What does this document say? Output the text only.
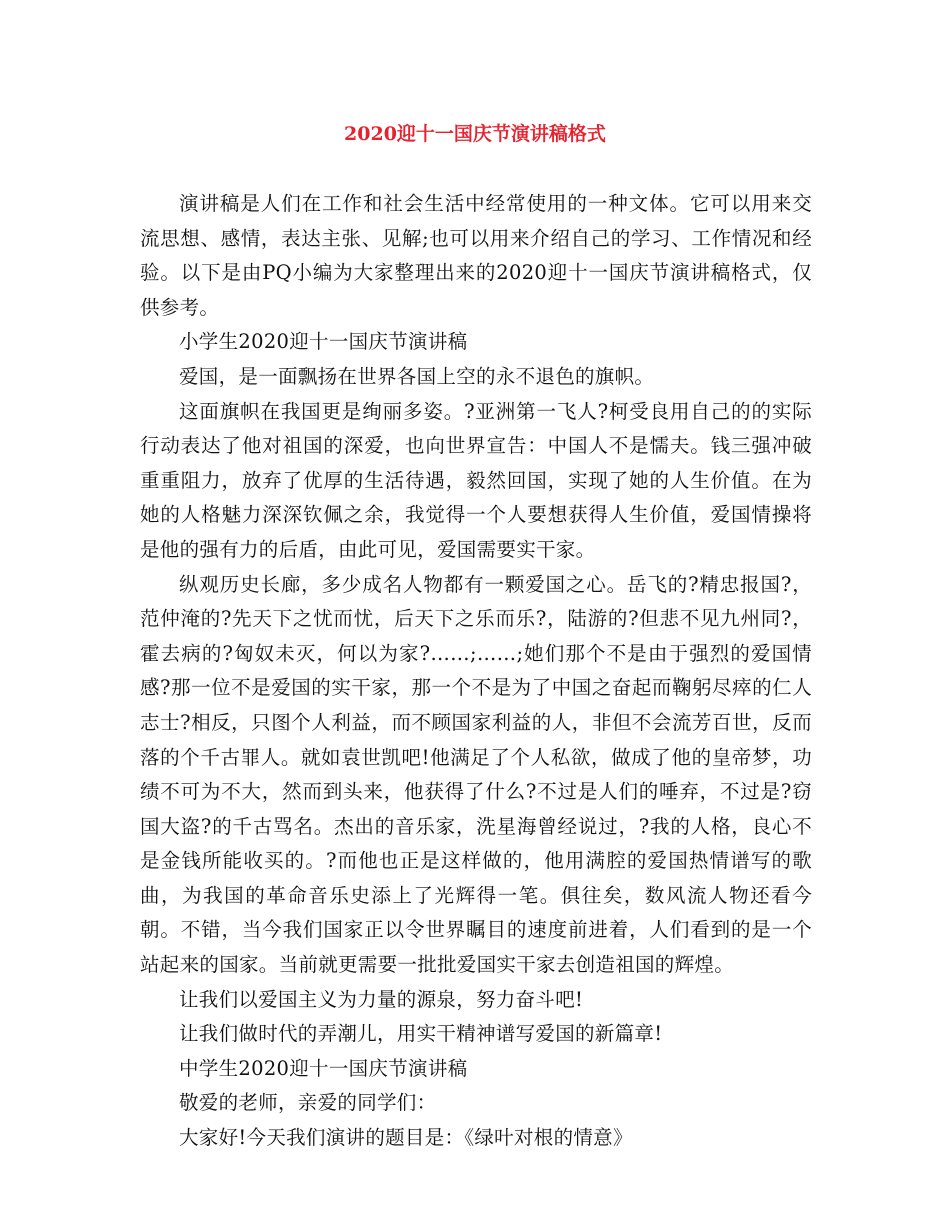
2020迎十一国庆节演讲稿格式

演讲稿是人们在工作和社会生活中经常使用的一种文体。它可以用来交流思想、感情，表达主张、见解;也可以用来介绍自己的学习、工作情况和经验。以下是由PQ小编为大家整理出来的2020迎十一国庆节演讲稿格式，仅供参考。

小学生2020迎十一国庆节演讲稿

爱国，是一面飘扬在世界各国上空的永不退色的旗帜。

这面旗帜在我国更是绚丽多姿。?亚洲第一飞人?柯受良用自己的的实际行动表达了他对祖国的深爱，也向世界宣告：中国人不是懦夫。钱三强冲破重重阻力，放弃了优厚的生活待遇，毅然回国，实现了她的人生价值。在为她的人格魅力深深钦佩之余，我觉得一个人要想获得人生价值，爱国情操将是他的强有力的后盾，由此可见，爱国需要实干家。

纵观历史长廊，多少成名人物都有一颗爱国之心。岳飞的?精忠报国?，范仲淹的?先天下之忧而忧，后天下之乐而乐?，陆游的?但悲不见九州同?，霍去病的?匈奴未灭，何以为家?……;……;她们那个不是由于强烈的爱国情感?那一位不是爱国的实干家，那一个不是为了中国之奋起而鞠躬尽瘁的仁人志士?相反，只图个人利益，而不顾国家利益的人，非但不会流芳百世，反而落的个千古罪人。就如袁世凯吧!他满足了个人私欲，做成了他的皇帝梦，功绩不可为不大，然而到头来，他获得了什么?不过是人们的唾弃，不过是?窃国大盗?的千古骂名。杰出的音乐家，洗星海曾经说过，?我的人格，良心不是金钱所能收买的。?而他也正是这样做的，他用满腔的爱国热情谱写的歌曲，为我国的革命音乐史添上了光辉得一笔。俱往矣，数风流人物还看今朝。不错，当今我们国家正以令世界瞩目的速度前进着，人们看到的是一个站起来的国家。当前就更需要一批批爱国实干家去创造祖国的辉煌。

让我们以爱国主义为力量的源泉，努力奋斗吧!

让我们做时代的弄潮儿，用实干精神谱写爱国的新篇章!

中学生2020迎十一国庆节演讲稿

敬爱的老师，亲爱的同学们：

大家好!今天我们演讲的题目是：《绿叶对根的情意》
